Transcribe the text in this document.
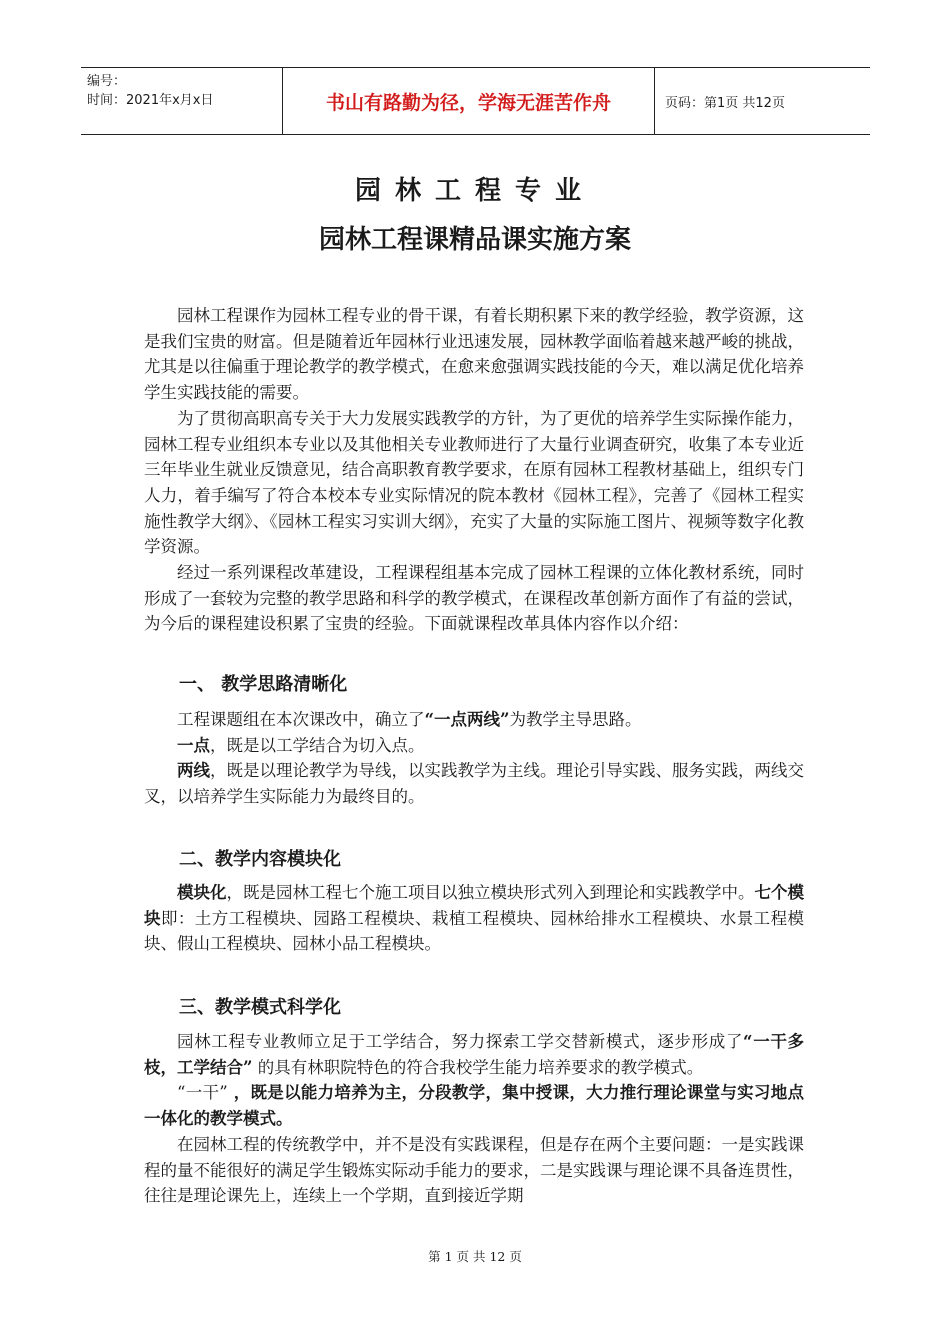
编号：
时间：2021年x月x日	书山有路勤为径，学海无涯苦作舟	页码：第1页 共12页
园林工程专业
园林工程课精品课实施方案

园林工程课作为园林工程专业的骨干课，有着长期积累下来的教学经验，教学资源，这是我们宝贵的财富。但是随着近年园林行业迅速发展，园林教学面临着越来越严峻的挑战，尤其是以往偏重于理论教学的教学模式，在愈来愈强调实践技能的今天，难以满足优化培养学生实践技能的需要。

为了贯彻高职高专关于大力发展实践教学的方针，为了更优的培养学生实际操作能力，园林工程专业组织本专业以及其他相关专业教师进行了大量行业调查研究，收集了本专业近三年毕业生就业反馈意见，结合高职教育教学要求，在原有园林工程教材基础上，组织专门人力，着手编写了符合本校本专业实际情况的院本教材《园林工程》，完善了《园林工程实施性教学大纲》、《园林工程实习实训大纲》，充实了大量的实际施工图片、视频等数字化教学资源。

经过一系列课程改革建设，工程课程组基本完成了园林工程课的立体化教材系统，同时形成了一套较为完整的教学思路和科学的教学模式，在课程改革创新方面作了有益的尝试，为今后的课程建设积累了宝贵的经验。下面就课程改革具体内容作以介绍：

一、 教学思路清晰化

工程课题组在本次课改中，确立了“一点两线”为教学主导思路。

一点，既是以工学结合为切入点。

两线，既是以理论教学为导线，以实践教学为主线。理论引导实践、服务实践，两线交叉，以培养学生实际能力为最终目的。

二、教学内容模块化

模块化，既是园林工程七个施工项目以独立模块形式列入到理论和实践教学中。七个模块即：土方工程模块、园路工程模块、栽植工程模块、园林给排水工程模块、水景工程模块、假山工程模块、园林小品工程模块。

三、教学模式科学化

园林工程专业教师立足于工学结合，努力探索工学交替新模式，逐步形成了“一干多枝，工学结合” 的具有林职院特色的符合我校学生能力培养要求的教学模式。

“一干” ，既是以能力培养为主，分段教学，集中授课，大力推行理论课堂与实习地点一体化的教学模式。

在园林工程的传统教学中，并不是没有实践课程，但是存在两个主要问题：一是实践课程的量不能很好的满足学生锻炼实际动手能力的要求，二是实践课与理论课不具备连贯性，往往是理论课先上，连续上一个学期，直到接近学期

第 1 页 共 12 页
